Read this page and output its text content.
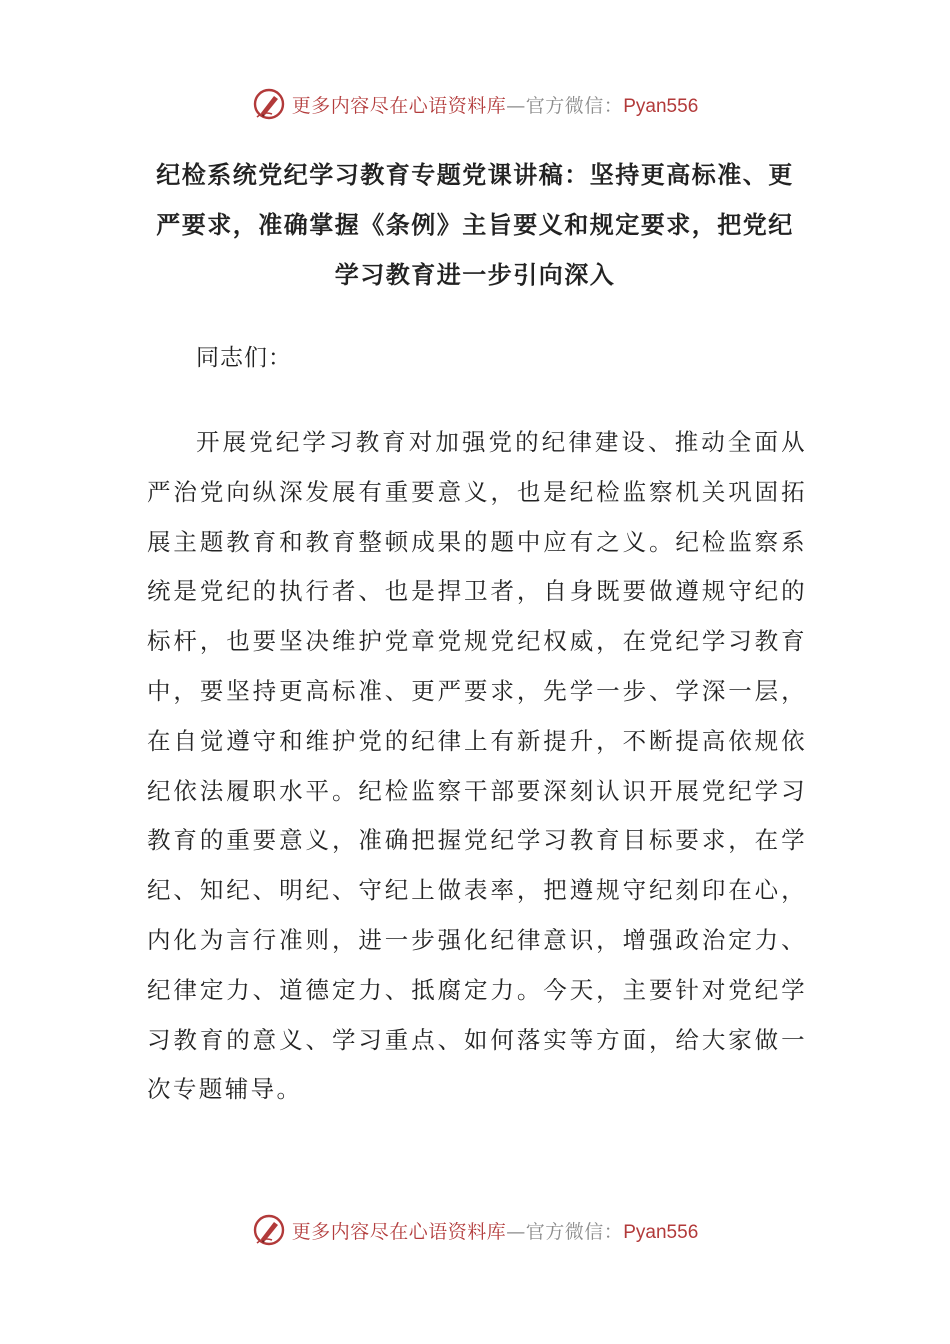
更多内容尽在心语资料库 — 官方微信： Pyan556
纪检系统党纪学习教育专题党课讲稿：坚持更高标准、更严要求，准确掌握《条例》主旨要义和规定要求，把党纪学习教育进一步引向深入

同志们：

开展党纪学习教育对加强党的纪律建设、推动全面从严治党向纵深发展有重要意义，也是纪检监察机关巩固拓展主题教育和教育整顿成果的题中应有之义。纪检监察系统是党纪的执行者、也是捍卫者，自身既要做遵规守纪的标杆，也要坚决维护党章党规党纪权威，在党纪学习教育中，要坚持更高标准、更严要求，先学一步、学深一层，在自觉遵守和维护党的纪律上有新提升，不断提高依规依纪依法履职水平。纪检监察干部要深刻认识开展党纪学习教育的重要意义，准确把握党纪学习教育目标要求，在学纪、知纪、明纪、守纪上做表率，把遵规守纪刻印在心，内化为言行准则，进一步强化纪律意识，增强政治定力、纪律定力、道德定力、抵腐定力。今天，主要针对党纪学习教育的意义、学习重点、如何落实等方面，给大家做一次专题辅导。

更多内容尽在心语资料库 — 官方微信： Pyan556
